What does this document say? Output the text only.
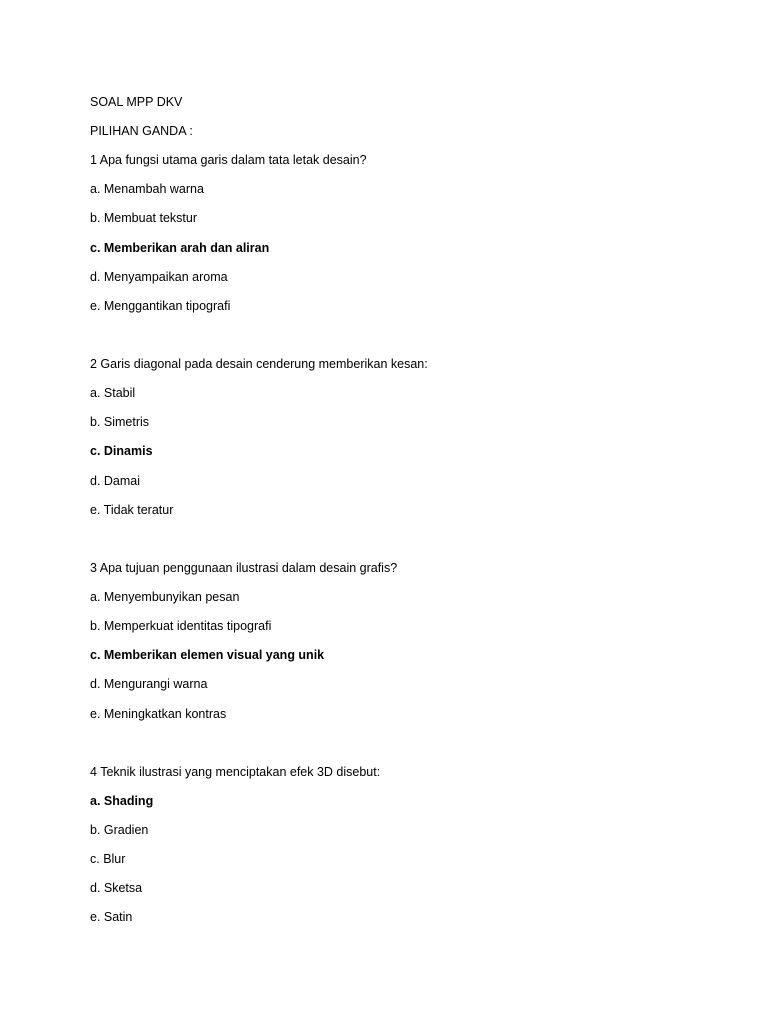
SOAL MPP DKV
PILIHAN GANDA :
1 Apa fungsi utama garis dalam tata letak desain?
a. Menambah warna
b. Membuat tekstur
c. Memberikan arah dan aliran
d. Menyampaikan aroma
e. Menggantikan tipografi
2 Garis diagonal pada desain cenderung memberikan kesan:
a. Stabil
b. Simetris
c. Dinamis
d. Damai
e. Tidak teratur
3 Apa tujuan penggunaan ilustrasi dalam desain grafis?
a. Menyembunyikan pesan
b. Memperkuat identitas tipografi
c. Memberikan elemen visual yang unik
d. Mengurangi warna
e. Meningkatkan kontras
4 Teknik ilustrasi yang menciptakan efek 3D disebut:
a. Shading
b. Gradien
c. Blur
d. Sketsa
e. Satin
